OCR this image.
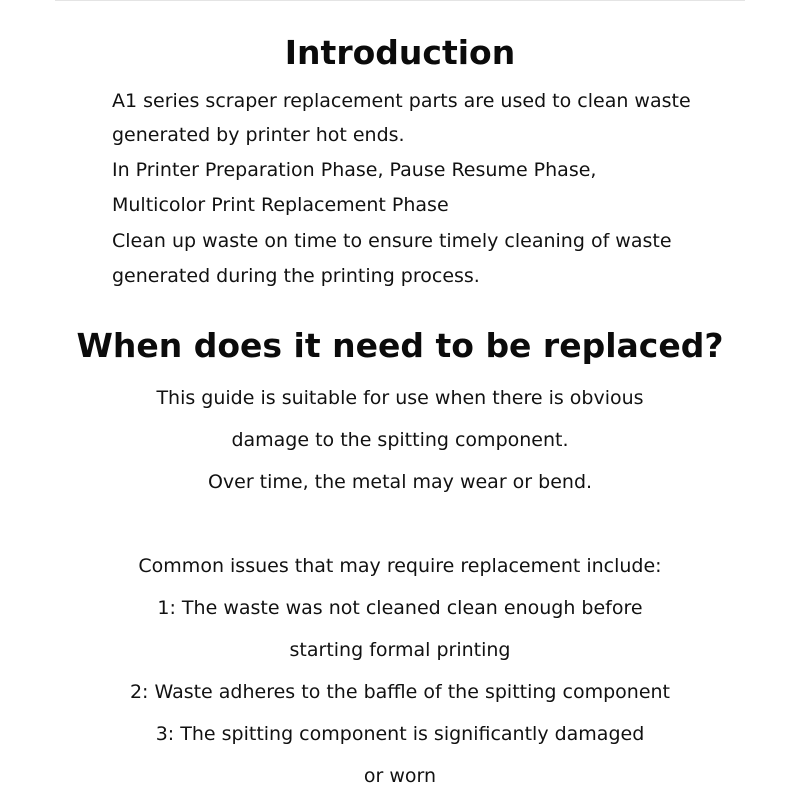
Introduction
A1 series scraper replacement parts are used to clean waste
generated by printer hot ends.
In Printer Preparation Phase, Pause Resume Phase,
Multicolor Print Replacement Phase
Clean up waste on time to ensure timely cleaning of waste
generated during the printing process.
When does it need to be replaced?
This guide is suitable for use when there is obvious
damage to the spitting component.
Over time, the metal may wear or bend.
Common issues that may require replacement include:
1: The waste was not cleaned clean enough before
starting formal printing
2: Waste adheres to the baffle of the spitting component
3: The spitting component is significantly damaged
or worn
